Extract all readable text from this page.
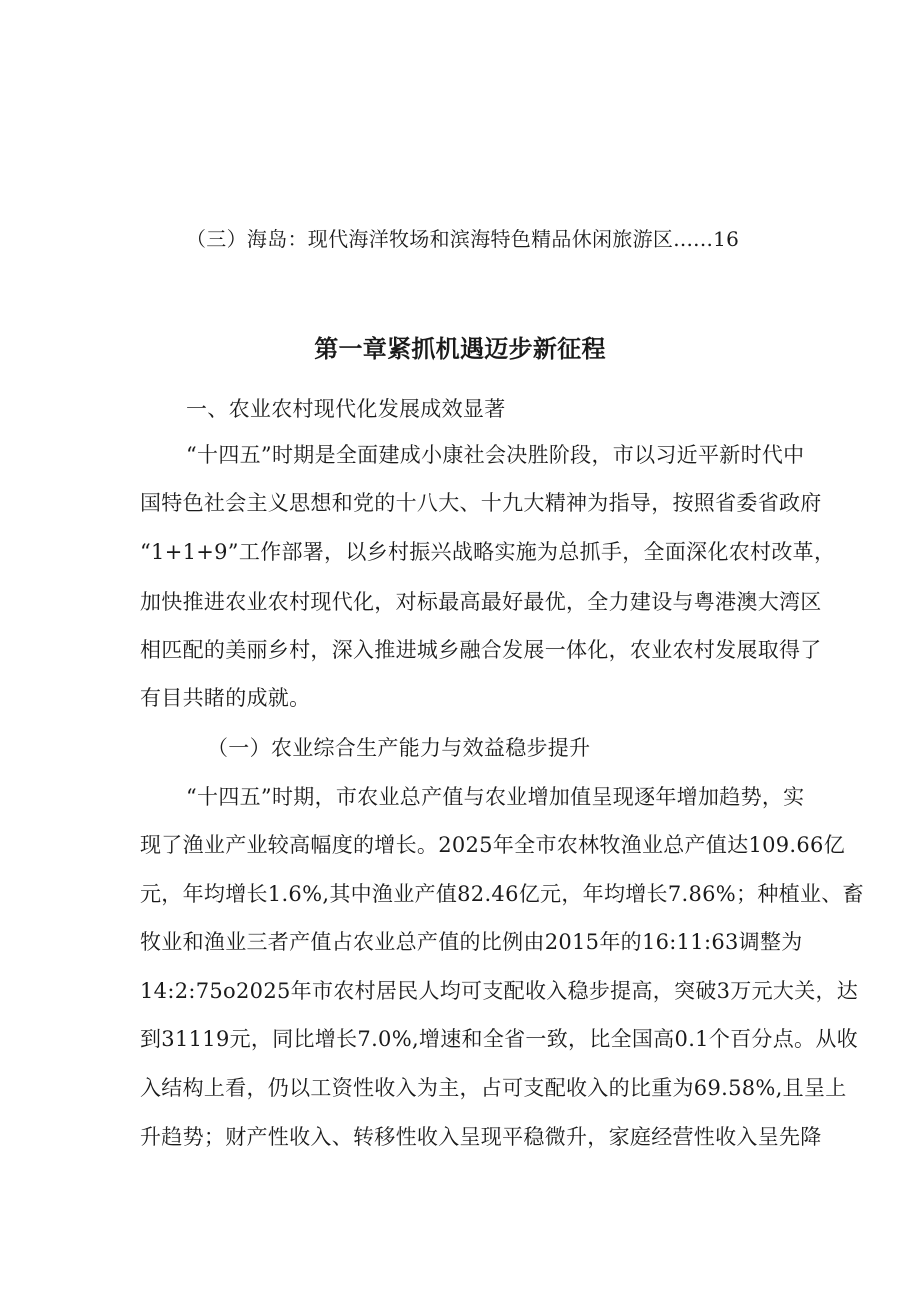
（三）海岛：现代海洋牧场和滨海特色精品休闲旅游区......16
第一章紧抓机遇迈步新征程
一、农业农村现代化发展成效显著
“十四五”时期是全面建成小康社会决胜阶段，市以习近平新时代中
国特色社会主义思想和党的十八大、十九大精神为指导，按照省委省政府
“1+1+9”工作部署，以乡村振兴战略实施为总抓手，全面深化农村改革，
加快推进农业农村现代化，对标最高最好最优，全力建设与粤港澳大湾区
相匹配的美丽乡村，深入推进城乡融合发展一体化，农业农村发展取得了
有目共睹的成就。
（一）农业综合生产能力与效益稳步提升
“十四五”时期，市农业总产值与农业增加值呈现逐年增加趋势，实
现了渔业产业较高幅度的增长。2025年全市农林牧渔业总产值达109.66亿
元，年均增长1.6%,其中渔业产值82.46亿元，年均增长7.86%；种植业、畜
牧业和渔业三者产值占农业总产值的比例由2015年的16:11:63调整为
14:2:75o2025年市农村居民人均可支配收入稳步提高，突破3万元大关，达
到31119元，同比增长7.0%,增速和全省一致，比全国高0.1个百分点。从收
入结构上看，仍以工资性收入为主，占可支配收入的比重为69.58%,且呈上
升趋势；财产性收入、转移性收入呈现平稳微升，家庭经营性收入呈先降
